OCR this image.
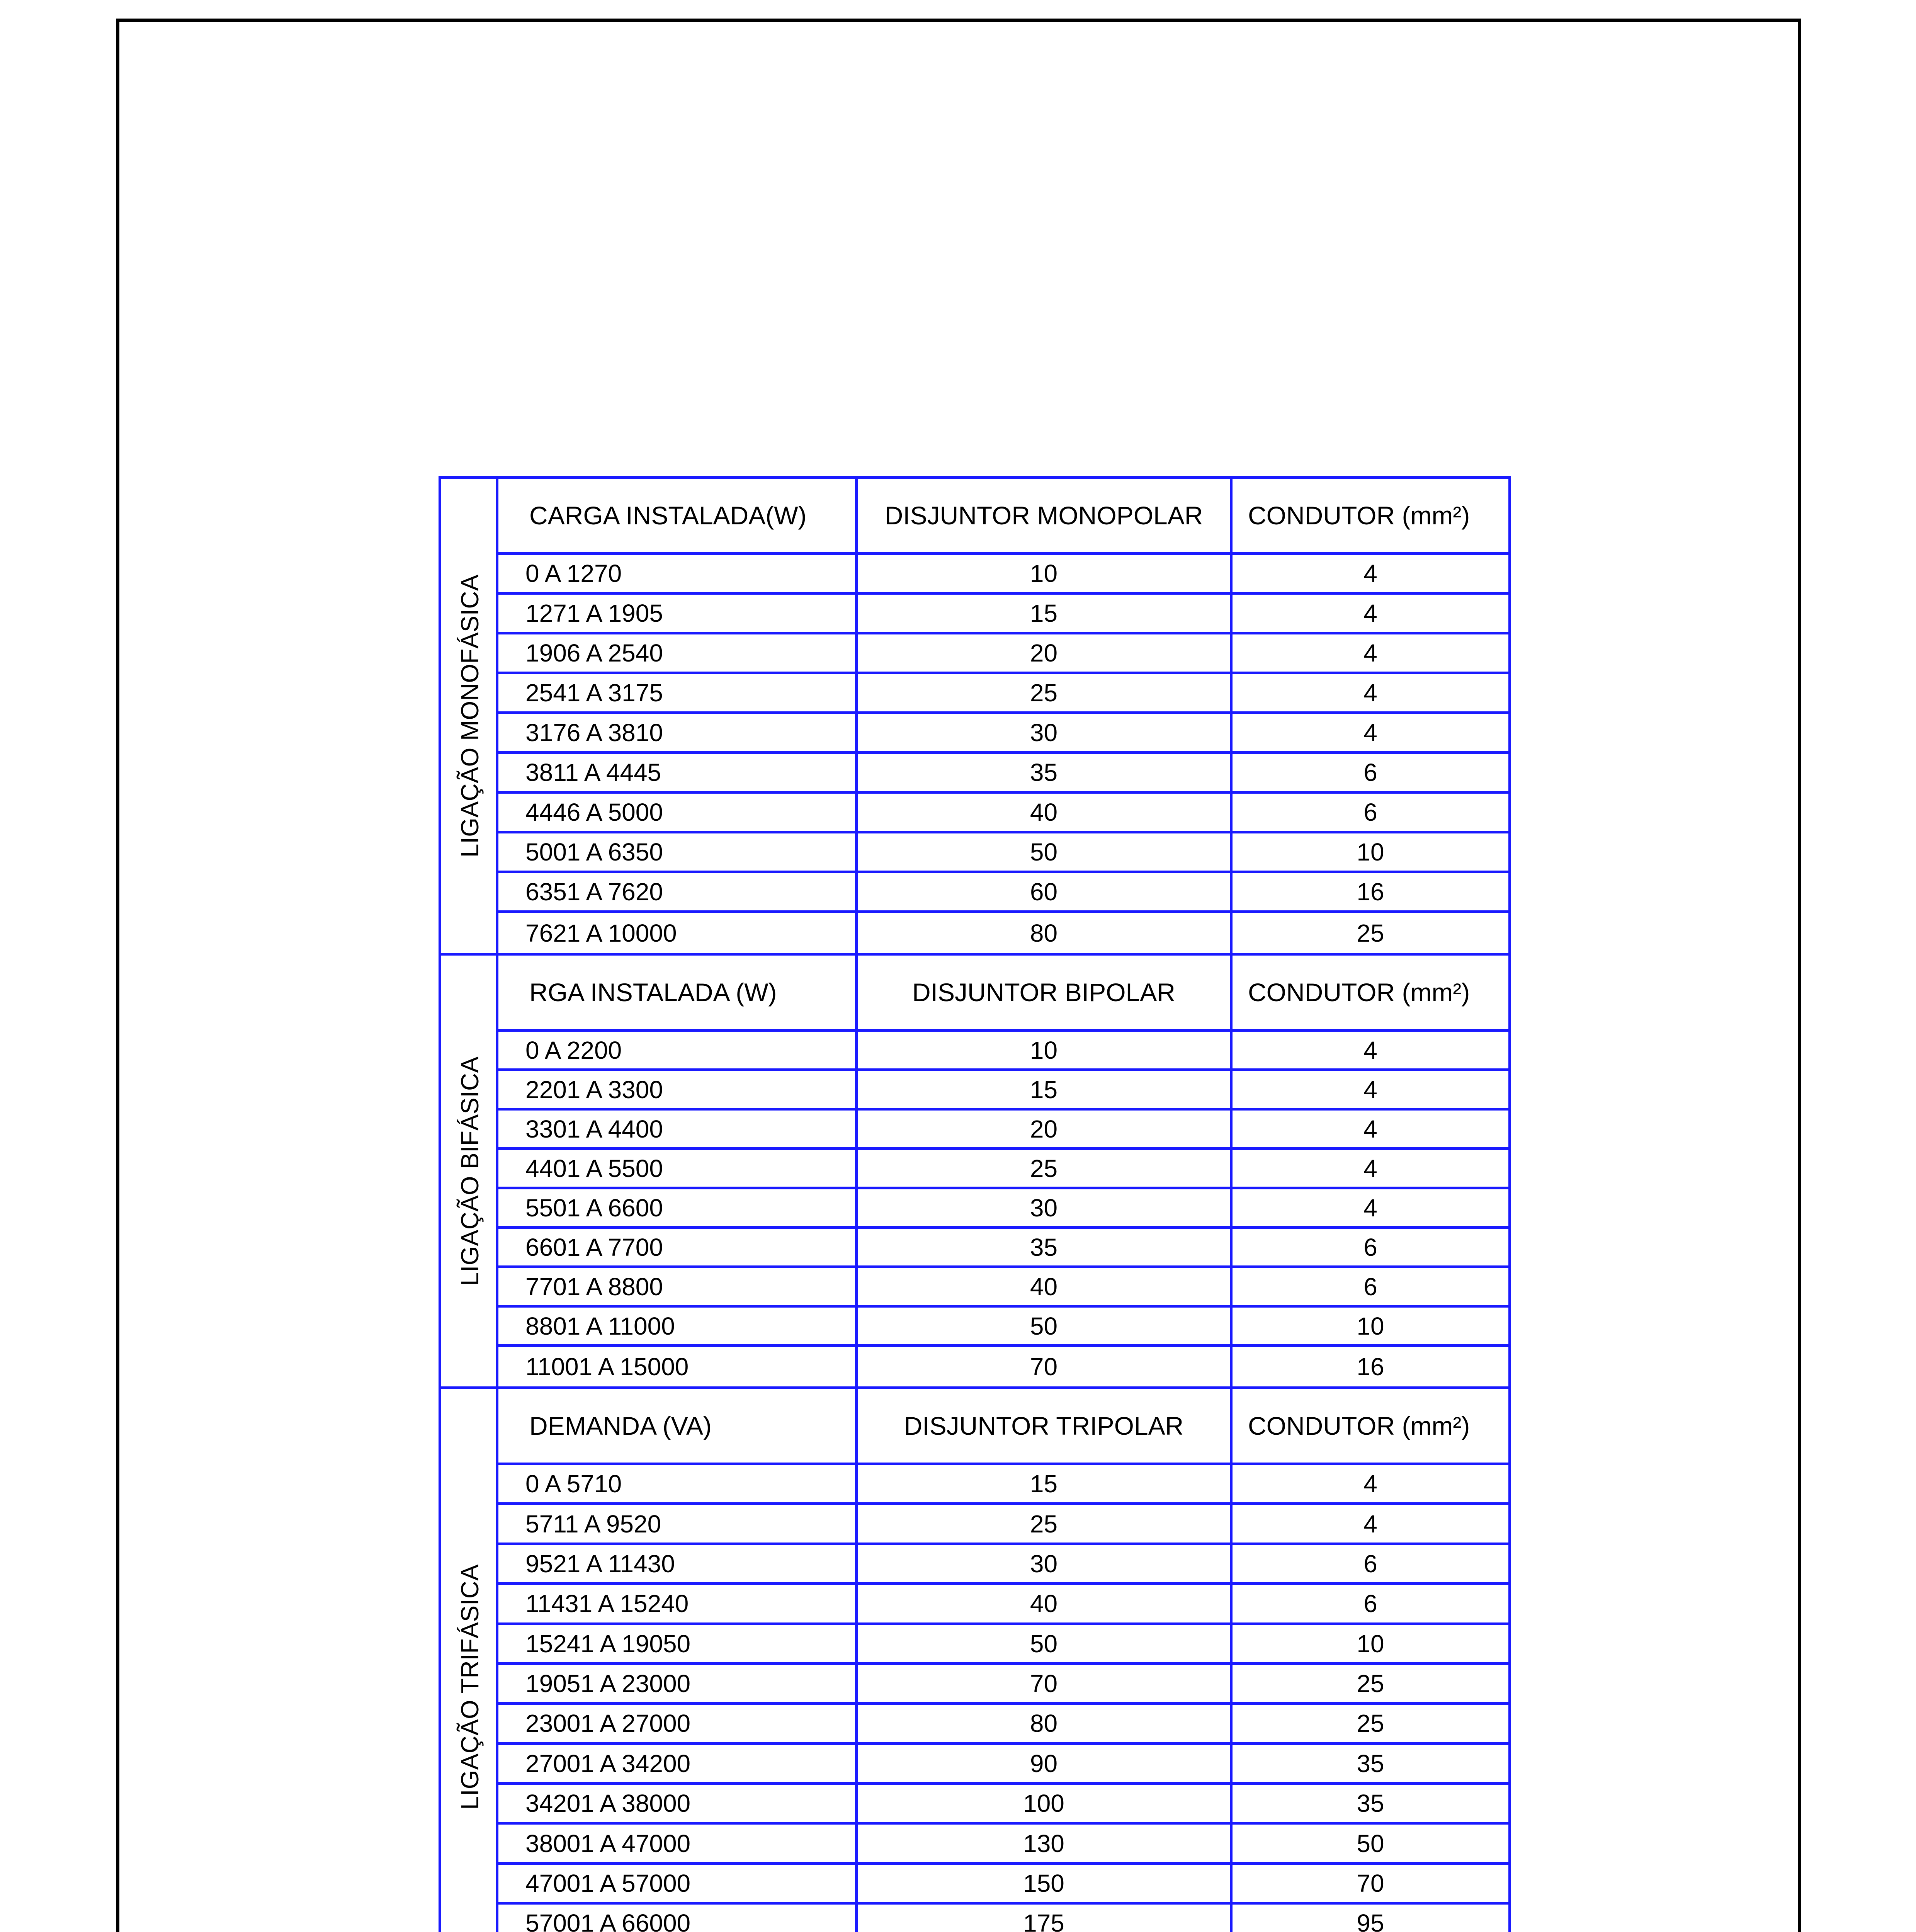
LIGAÇÃO MONOFÁSICA
CARGA INSTALADA(W)	DISJUNTOR MONOPOLAR	CONDUTOR (mm²)
0 A 1270	10	4
1271 A 1905	15	4
1906 A 2540	20	4
2541 A 3175	25	4
3176 A 3810	30	4
3811 A 4445	35	6
4446 A 5000	40	6
5001 A 6350	50	10
6351 A 7620	60	16
7621 A 10000	80	25
LIGAÇÃO BIFÁSICA
RGA INSTALADA (W)	DISJUNTOR BIPOLAR	CONDUTOR (mm²)
0 A 2200	10	4
2201 A 3300	15	4
3301 A 4400	20	4
4401 A 5500	25	4
5501 A 6600	30	4
6601 A 7700	35	6
7701 A 8800	40	6
8801 A 11000	50	10
11001 A 15000	70	16
LIGAÇÃO TRIFÁSICA
DEMANDA (VA)	DISJUNTOR TRIPOLAR	CONDUTOR (mm²)
0 A 5710	15	4
5711 A 9520	25	4
9521 A 11430	30	6
11431 A 15240	40	6
15241 A 19050	50	10
19051 A 23000	70	25
23001 A 27000	80	25
27001 A 34200	90	35
34201 A 38000	100	35
38001 A 47000	130	50
47001 A 57000	150	70
57001 A 66000	175	95
